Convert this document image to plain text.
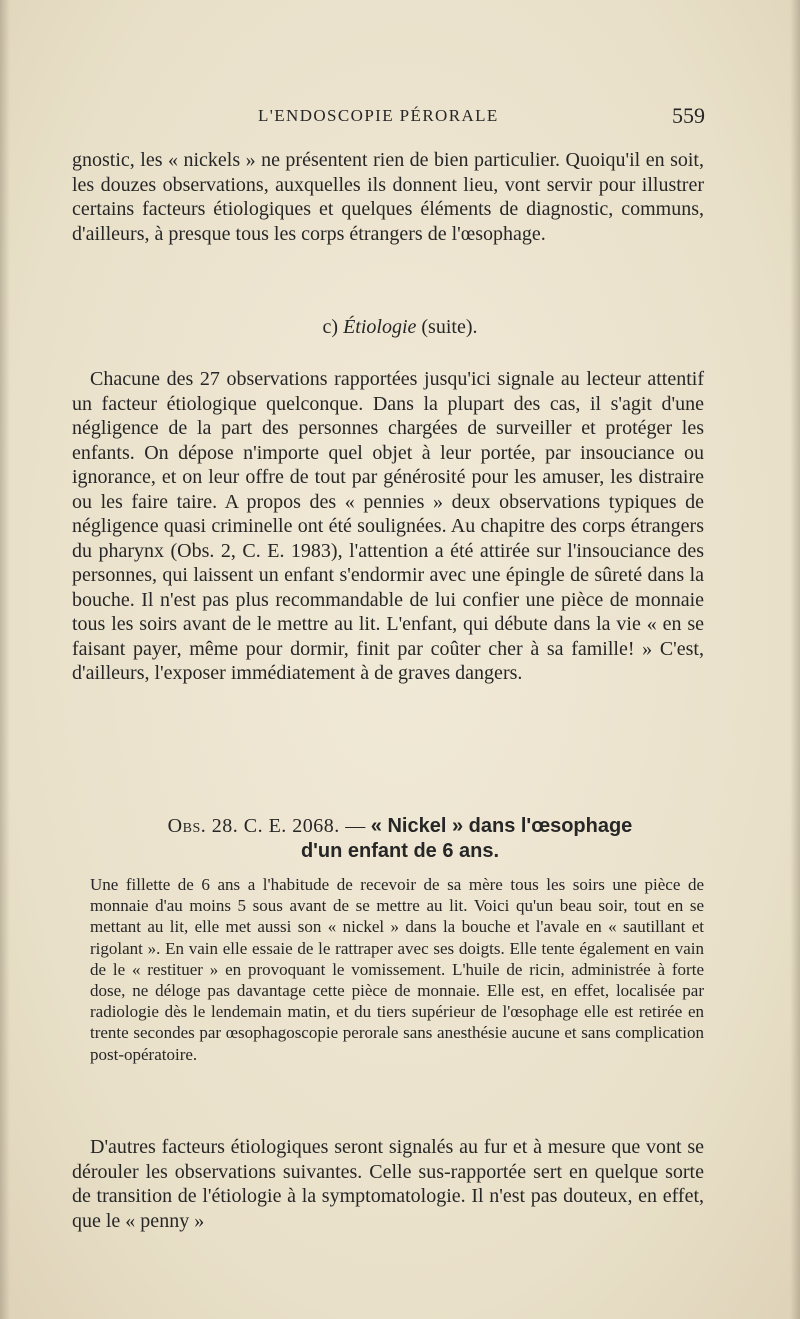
L'ENDOSCOPIE PÉRORALE	559

gnostic, les « nickels » ne présentent rien de bien particulier. Quoiqu'il en soit, les douzes observations, auxquelles ils donnent lieu, vont servir pour illustrer certains facteurs étiologiques et quelques éléments de diagnostic, communs, d'ailleurs, à presque tous les corps étrangers de l'œsophage.

c) Étiologie (suite).

Chacune des 27 observations rapportées jusqu'ici signale au lecteur attentif un facteur étiologique quelconque. Dans la plupart des cas, il s'agit d'une négligence de la part des personnes chargées de surveiller et protéger les enfants. On dépose n'importe quel objet à leur portée, par insouciance ou ignorance, et on leur offre de tout par générosité pour les amuser, les distraire ou les faire taire. A propos des « pennies » deux observations typiques de négligence quasi criminelle ont été soulignées. Au chapitre des corps étrangers du pharynx (Obs. 2, C. E. 1983), l'attention a été attirée sur l'insouciance des personnes, qui laissent un enfant s'endormir avec une épingle de sûreté dans la bouche. Il n'est pas plus recommandable de lui confier une pièce de monnaie tous les soirs avant de le mettre au lit. L'enfant, qui débute dans la vie « en se faisant payer, même pour dormir, finit par coûter cher à sa famille! » C'est, d'ailleurs, l'exposer immédiatement à de graves dangers.

Obs. 28. C. E. 2068. — « Nickel » dans l'œsophage
d'un enfant de 6 ans.

Une fillette de 6 ans a l'habitude de recevoir de sa mère tous les soirs une pièce de monnaie d'au moins 5 sous avant de se mettre au lit. Voici qu'un beau soir, tout en se mettant au lit, elle met aussi son « nickel » dans la bouche et l'avale en « sautillant et rigolant ». En vain elle essaie de le rattraper avec ses doigts. Elle tente également en vain de le « restituer » en provoquant le vomissement. L'huile de ricin, administrée à forte dose, ne déloge pas davantage cette pièce de monnaie. Elle est, en effet, localisée par radiologie dès le lendemain matin, et du tiers supérieur de l'œsophage elle est retirée en trente secondes par œsophagoscopie perorale sans anesthésie aucune et sans complication post-opératoire.

D'autres facteurs étiologiques seront signalés au fur et à mesure que vont se dérouler les observations suivantes. Celle sus-rapportée sert en quelque sorte de transition de l'étiologie à la symptomatologie. Il n'est pas douteux, en effet, que le « penny »
